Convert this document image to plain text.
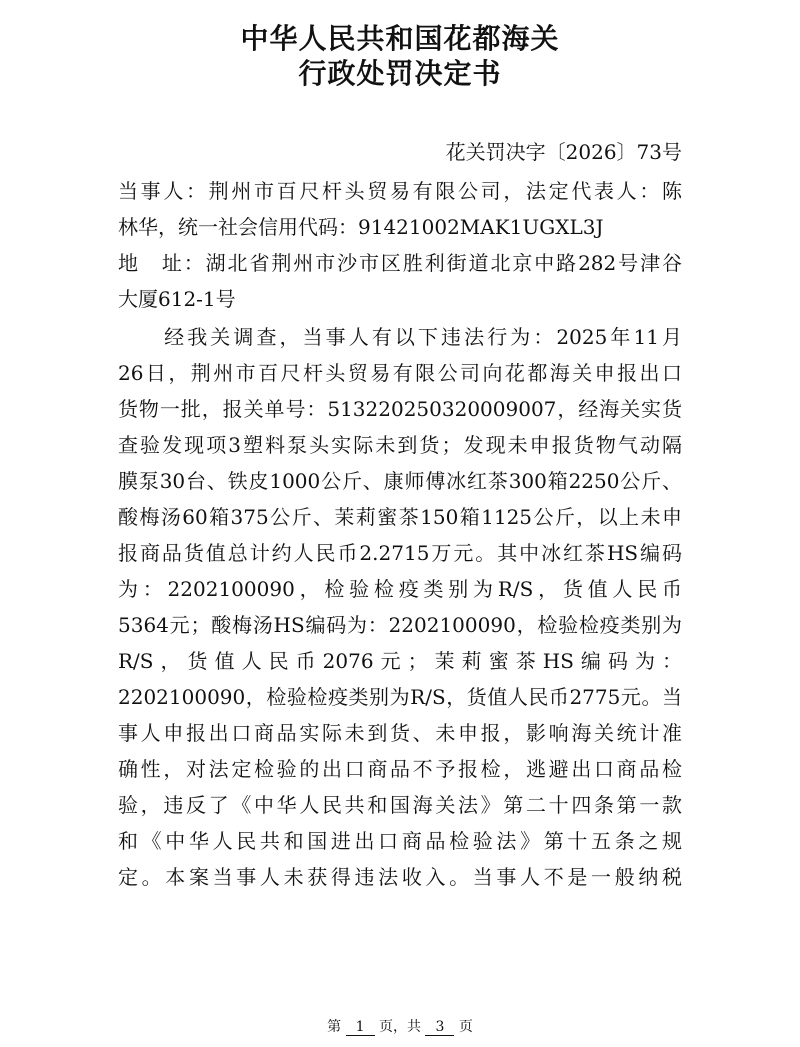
中华人民共和国花都海关
行政处罚决定书
花关罚决字〔2026〕73号
当事人：荆州市百尺杆头贸易有限公司，法定代表人：陈
林华，统一社会信用代码：91421002MAK1UGXL3J
地　址：湖北省荆州市沙市区胜利街道北京中路282号津谷
大厦612-1号
　　经我关调查，当事人有以下违法行为：2025年11月
26日，荆州市百尺杆头贸易有限公司向花都海关申报出口
货物一批，报关单号：513220250320009007，经海关实货
查验发现项3塑料泵头实际未到货；发现未申报货物气动隔
膜泵30台、铁皮1000公斤、康师傅冰红茶300箱2250公斤、
酸梅汤60箱375公斤、茉莉蜜茶150箱1125公斤，以上未申
报商品货值总计约人民币2.2715万元。其中冰红茶HS编码
为：2202100090，检验检疫类别为R/S，货值人民币
5364元；酸梅汤HS编码为：2202100090，检验检疫类别为
R/S，货值人民币2076元；茉莉蜜茶HS编码为：
2202100090，检验检疫类别为R/S，货值人民币2775元。当
事人申报出口商品实际未到货、未申报，影响海关统计准
确性，对法定检验的出口商品不予报检，逃避出口商品检
验，违反了《中华人民共和国海关法》第二十四条第一款
和《中华人民共和国进出口商品检验法》第十五条之规
定。本案当事人未获得违法收入。当事人不是一般纳税
第 1 页，共 3 页
